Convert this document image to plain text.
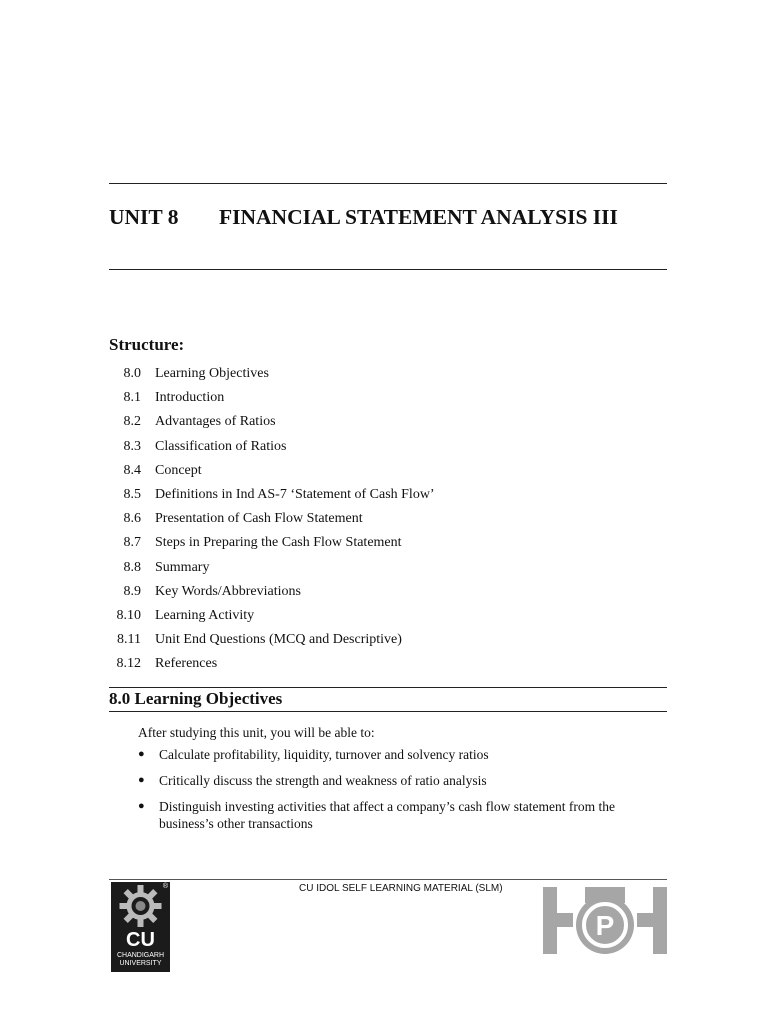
UNIT 8 FINANCIAL STATEMENT ANALYSIS III
Structure:
8.0 Learning Objectives
8.1 Introduction
8.2 Advantages of Ratios
8.3 Classification of Ratios
8.4 Concept
8.5 Definitions in Ind AS-7 ‘Statement of Cash Flow’
8.6 Presentation of Cash Flow Statement
8.7 Steps in Preparing the Cash Flow Statement
8.8 Summary
8.9 Key Words/Abbreviations
8.10 Learning Activity
8.11 Unit End Questions (MCQ and Descriptive)
8.12 References
8.0 Learning Objectives
After studying this unit, you will be able to:
●	Calculate profitability, liquidity, turnover and solvency ratios
●	Critically discuss the strength and weakness of ratio analysis
●	Distinguish investing activities that affect a company’s cash flow statement from the business’s other transactions
CU IDOL SELF LEARNING MATERIAL (SLM)
®
CU
CHANDIGARH
UNIVERSITY
P
